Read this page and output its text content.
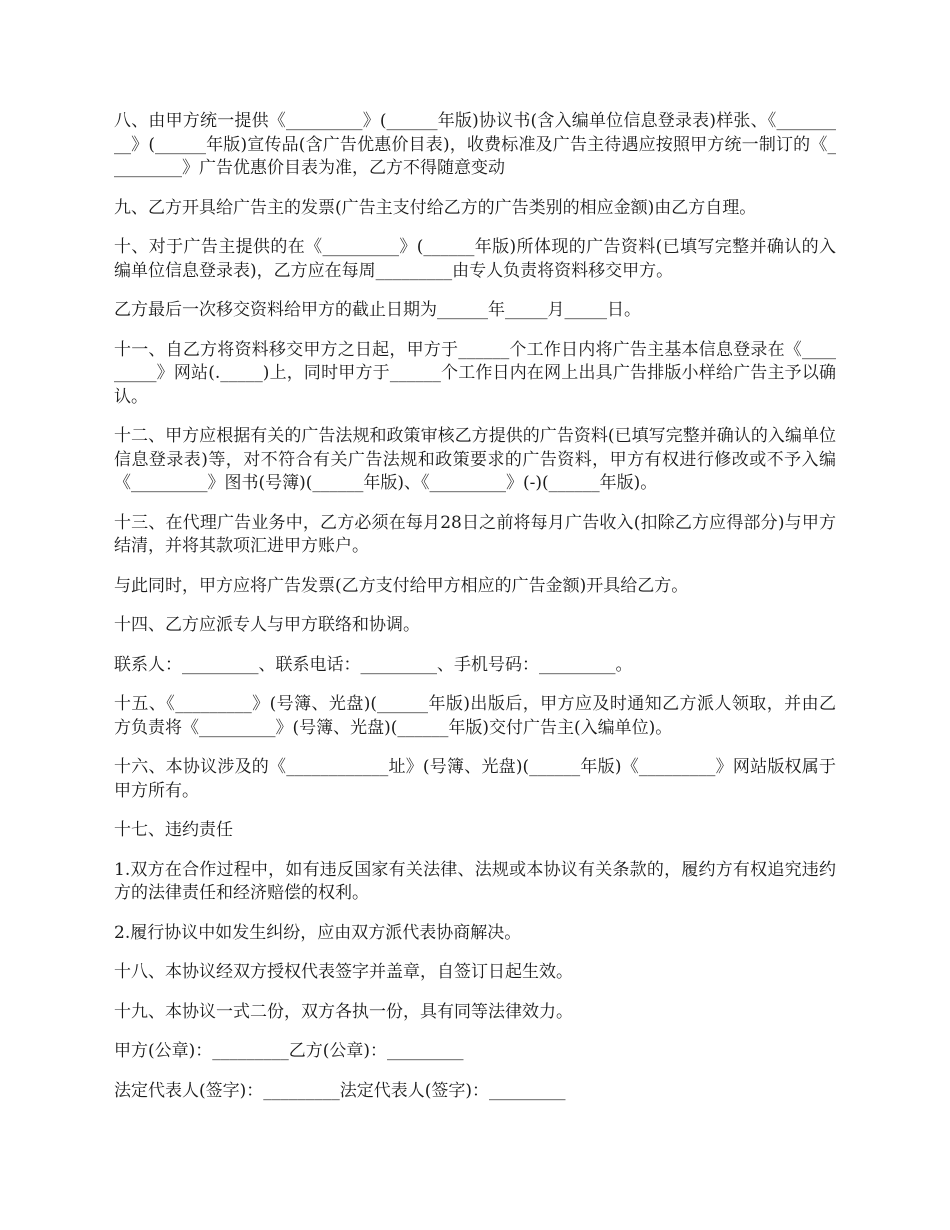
八、由甲方统一提供《_________》(______年版)协议书(含入编单位信息登录表)样张、《_________》(______年版)宣传品(含广告优惠价目表)，收费标准及广告主待遇应按照甲方统一制订的《_________》广告优惠价目表为准，乙方不得随意变动

九、乙方开具给广告主的发票(广告主支付给乙方的广告类别的相应金额)由乙方自理。

十、对于广告主提供的在《_________》(______年版)所体现的广告资料(已填写完整并确认的入编单位信息登录表)，乙方应在每周_________由专人负责将资料移交甲方。

乙方最后一次移交资料给甲方的截止日期为______年_____月_____日。

十一、自乙方将资料移交甲方之日起，甲方于______个工作日内将广告主基本信息登录在《_________》网站(._____)上，同时甲方于______个工作日内在网上出具广告排版小样给广告主予以确认。

十二、甲方应根据有关的广告法规和政策审核乙方提供的广告资料(已填写完整并确认的入编单位信息登录表)等，对不符合有关广告法规和政策要求的广告资料，甲方有权进行修改或不予入编《_________》图书(号簿)(______年版)、《_________》(-)(______年版)。

十三、在代理广告业务中，乙方必须在每月28日之前将每月广告收入(扣除乙方应得部分)与甲方结清，并将其款项汇进甲方账户。

与此同时，甲方应将广告发票(乙方支付给甲方相应的广告金额)开具给乙方。

十四、乙方应派专人与甲方联络和协调。

联系人：_________、联系电话：_________、手机号码：_________。

十五、《_________》(号簿、光盘)(______年版)出版后，甲方应及时通知乙方派人领取，并由乙方负责将《_________》(号簿、光盘)(______年版)交付广告主(入编单位)。

十六、本协议涉及的《____________址》(号簿、光盘)(______年版)《_________》网站版权属于甲方所有。

十七、违约责任

1.双方在合作过程中，如有违反国家有关法律、法规或本协议有关条款的，履约方有权追究违约方的法律责任和经济赔偿的权利。

2.履行协议中如发生纠纷，应由双方派代表协商解决。

十八、本协议经双方授权代表签字并盖章，自签订日起生效。

十九、本协议一式二份，双方各执一份，具有同等法律效力。

甲方(公章)：_________乙方(公章)：_________

法定代表人(签字)：_________法定代表人(签字)：_________
